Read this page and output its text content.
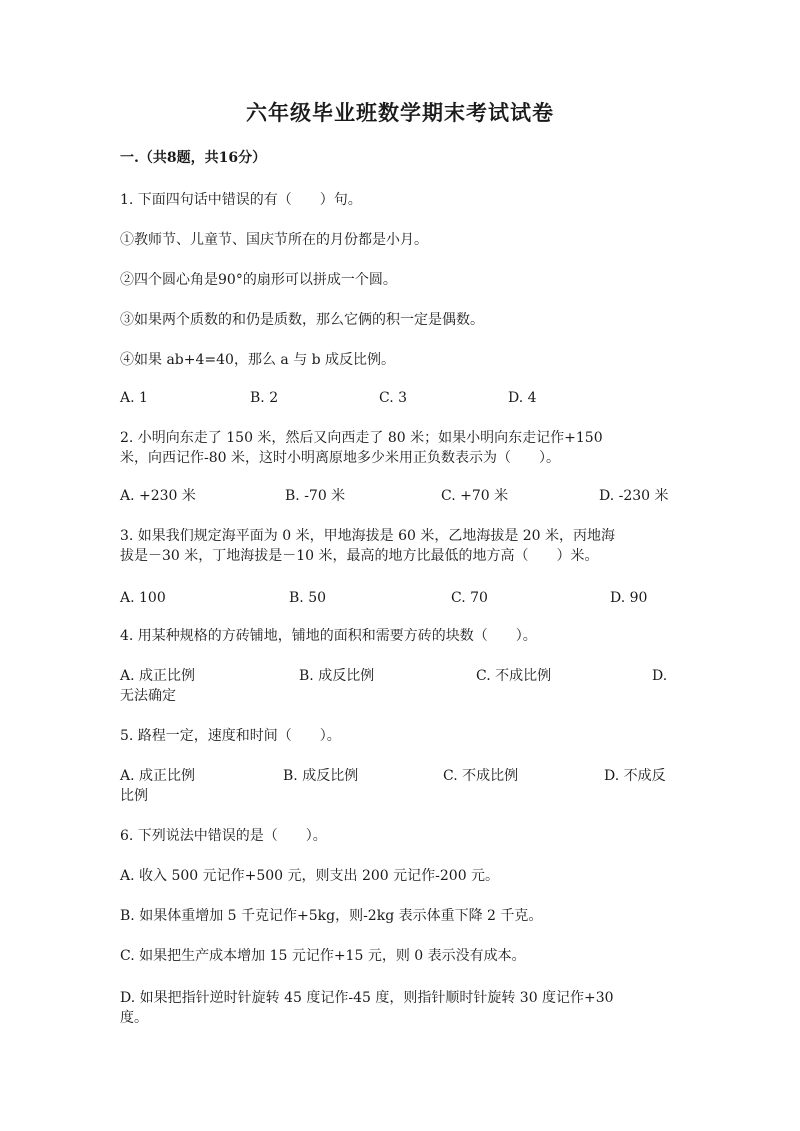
六年级毕业班数学期末考试试卷
一.（共8题，共16分）
1. 下面四句话中错误的有（　　）句。
①教师节、儿童节、国庆节所在的月份都是小月。
②四个圆心角是90°的扇形可以拼成一个圆。
③如果两个质数的和仍是质数，那么它俩的积一定是偶数。
④如果 ab+4=40，那么 a 与 b 成反比例。
A. 1	B. 2	C. 3	D. 4
2. 小明向东走了 150 米，然后又向西走了 80 米；如果小明向东走记作+150
米，向西记作-80 米，这时小明离原地多少米用正负数表示为（　　）。
A. +230 米	B. -70 米	C. +70 米	D. -230 米
3. 如果我们规定海平面为 0 米，甲地海拔是 60 米，乙地海拔是 20 米，丙地海
拔是－30 米，丁地海拔是－10 米，最高的地方比最低的地方高（　　）米。
A. 100	B. 50	C. 70	D. 90
4. 用某种规格的方砖铺地，铺地的面积和需要方砖的块数（　　）。
A. 成正比例	B. 成反比例	C. 不成比例	D.
无法确定
5. 路程一定，速度和时间（　　）。
A. 成正比例	B. 成反比例	C. 不成比例	D. 不成反
比例
6. 下列说法中错误的是（　　）。
A. 收入 500 元记作+500 元，则支出 200 元记作-200 元。
B. 如果体重增加 5 千克记作+5kg，则-2kg 表示体重下降 2 千克。
C. 如果把生产成本增加 15 元记作+15 元，则 0 表示没有成本。
D. 如果把指针逆时针旋转 45 度记作-45 度，则指针顺时针旋转 30 度记作+30
度。
